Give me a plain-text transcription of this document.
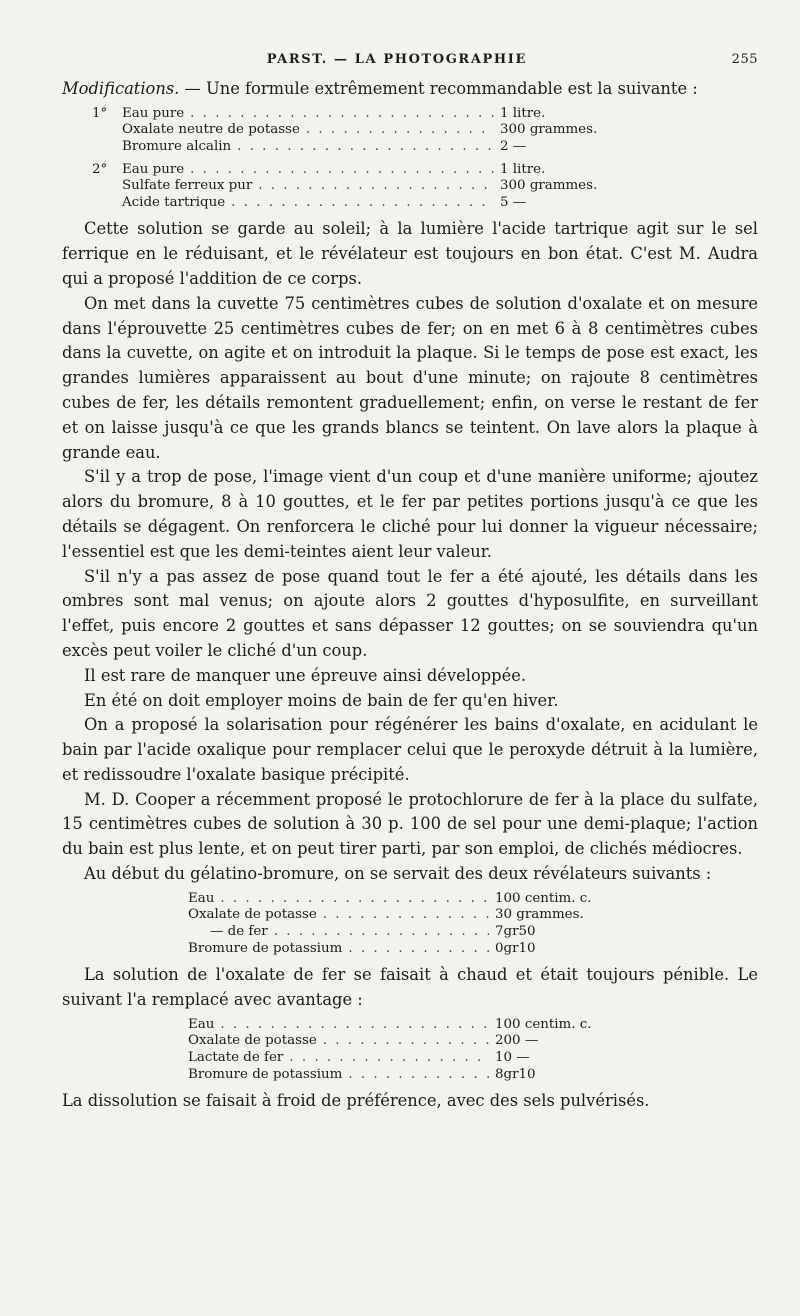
PARST. — LA PHOTOGRAPHIE	255

Modifications. — Une formule extrêmement recommandable est la suivante :

1°	Eau pure . . .	1 litre.
Oxalate neutre de potasse . . .	300 grammes.
Bromure alcalin . . .	2 —
2°	Eau pure . . .	1 litre.
Sulfate ferreux pur . . .	300 grammes.
Acide tartrique . . .	5 —

Cette solution se garde au soleil; à la lumière l'acide tartrique agit sur le sel ferrique en le réduisant, et le révélateur est toujours en bon état. C'est M. Audra qui a proposé l'addition de ce corps.

On met dans la cuvette 75 centimètres cubes de solution d'oxalate et on mesure dans l'éprouvette 25 centimètres cubes de fer; on en met 6 à 8 centimètres cubes dans la cuvette, on agite et on introduit la plaque. Si le temps de pose est exact, les grandes lumières apparaissent au bout d'une minute; on rajoute 8 centimètres cubes de fer, les détails remontent graduellement; enfin, on verse le restant de fer et on laisse jusqu'à ce que les grands blancs se teintent. On lave alors la plaque à grande eau.

S'il y a trop de pose, l'image vient d'un coup et d'une manière uniforme; ajoutez alors du bromure, 8 à 10 gouttes, et le fer par petites portions jusqu'à ce que les détails se dégagent. On renforcera le cliché pour lui donner la vigueur nécessaire; l'essentiel est que les demi-teintes aient leur valeur.

S'il n'y a pas assez de pose quand tout le fer a été ajouté, les détails dans les ombres sont mal venus; on ajoute alors 2 gouttes d'hyposulfite, en surveillant l'effet, puis encore 2 gouttes et sans dépasser 12 gouttes; on se souviendra qu'un excès peut voiler le cliché d'un coup.

Il est rare de manquer une épreuve ainsi développée.

En été on doit employer moins de bain de fer qu'en hiver.

On a proposé la solarisation pour régénérer les bains d'oxalate, en acidulant le bain par l'acide oxalique pour remplacer celui que le peroxyde détruit à la lumière, et redissoudre l'oxalate basique précipité.

M. D. Cooper a récemment proposé le protochlorure de fer à la place du sulfate, 15 centimètres cubes de solution à 30 p. 100 de sel pour une demi-plaque; l'action du bain est plus lente, et on peut tirer parti, par son emploi, de clichés médiocres.

Au début du gélatino-bromure, on se servait des deux révélateurs suivants :

Eau . . .	100 centim. c.
Oxalate de potasse . . .	30 grammes.
— de fer . . .	7gr50
Bromure de potassium . . .	0gr10

La solution de l'oxalate de fer se faisait à chaud et était toujours pénible. Le suivant l'a remplacé avec avantage :

Eau . . .	100 centim. c.
Oxalate de potasse . . .	200 —
Lactate de fer . . .	10 —
Bromure de potassium . . .	8gr10

La dissolution se faisait à froid de préférence, avec des sels pulvérisés.
